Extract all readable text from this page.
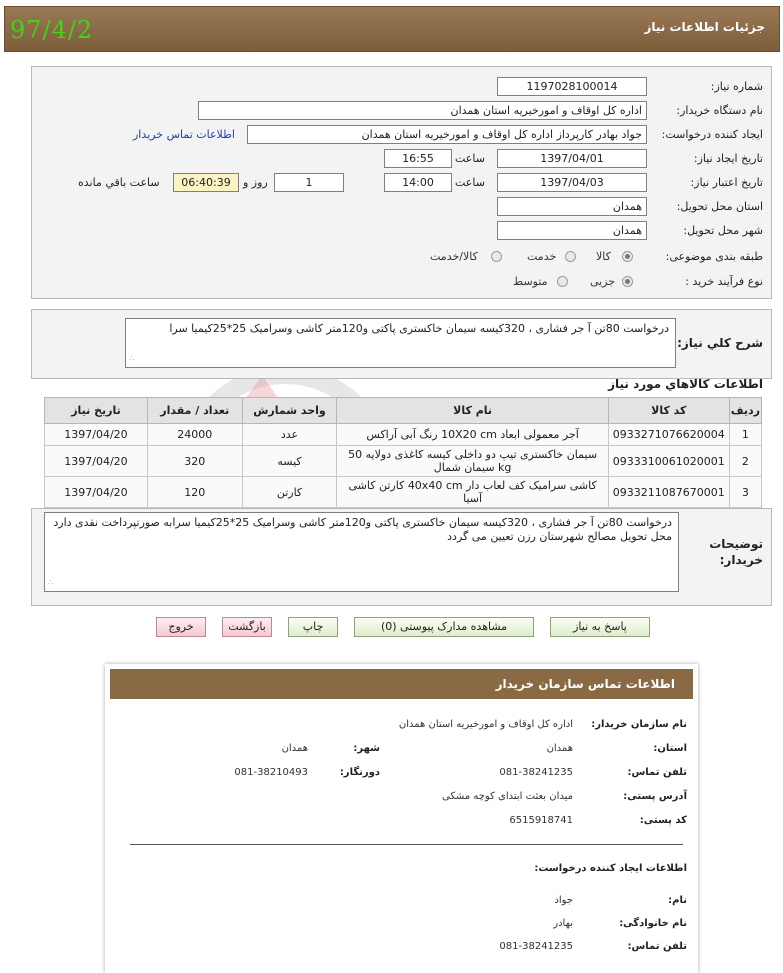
جزئیات اطلاعات نیاز
97/4/2
شماره نیاز:
1197028100014
نام دستگاه خریدار:
اداره کل اوقاف و امورخیریه استان همدان
ایجاد کننده درخواست:
جواد بهادر کارپرداز اداره کل اوقاف و امورخیریه استان همدان
اطلاعات تماس خریدار
تاریخ ایجاد نیاز:
1397/04/01
ساعت
16:55
تاریخ اعتبار نیاز:
1397/04/03
ساعت
14:00
1
روز و
06:40:39
ساعت باقي مانده
استان محل تحویل:
همدان
شهر محل تحویل:
همدان
طبقه بندی موضوعی:
کالا
خدمت
کالا/خدمت
نوع فرآیند خرید :
جزیی
متوسط
شرح کلي نياز:
درخواست 80تن آ جر فشاری ، 320کیسه سیمان خاکستری پاکتی و120متر کاشی وسرامیک 25*25کیمیا سرا
∴
اطلاعات کالاهاي مورد نياز
رديف	کد کالا	نام کالا	واحد شمارش	تعداد / مقدار	تاريخ نياز
1	0933271076620004	آجر معمولی ابعاد 10X20 cm رنگ آبی آراکس	عدد	24000	1397/04/20
2	0933310061020001	سیمان خاکستری تیپ دو داخلی کیسه کاغذی دولایه 50 kg سیمان شمال	کیسه	320	1397/04/20
3	0933211087670001	کاشی سرامیک کف لعاب دار 40x40 cm کارتن کاشی آسیا	کارتن	120	1397/04/20
توضیحات خریدار:
درخواست 80تن آ جر فشاری ، 320کیسه سیمان خاکستری پاکتی و120متر کاشی وسرامیک 25*25کیمیا سرابه صورتپرداخت نقدی دارد محل تحویل مصالح شهرستان رزن تعیین می گردد
∴
پاسخ به نیاز
مشاهده مدارک پیوستی (0)
چاپ
بازگشت
خروج
اطلاعات تماس سازمان خریدار
نام سازمان خریدار:
اداره کل اوقاف و امورخیریه استان همدان
استان:
همدان
شهر:
همدان
تلفن تماس:
081-38241235
دورنگار:
081-38210493
آدرس پستی:
میدان بعثت ابتدای کوچه مشکی
کد پستی:
6515918741
اطلاعات ایجاد کننده درخواست:
نام:
جواد
نام خانوادگی:
بهادر
تلفن تماس:
081-38241235
